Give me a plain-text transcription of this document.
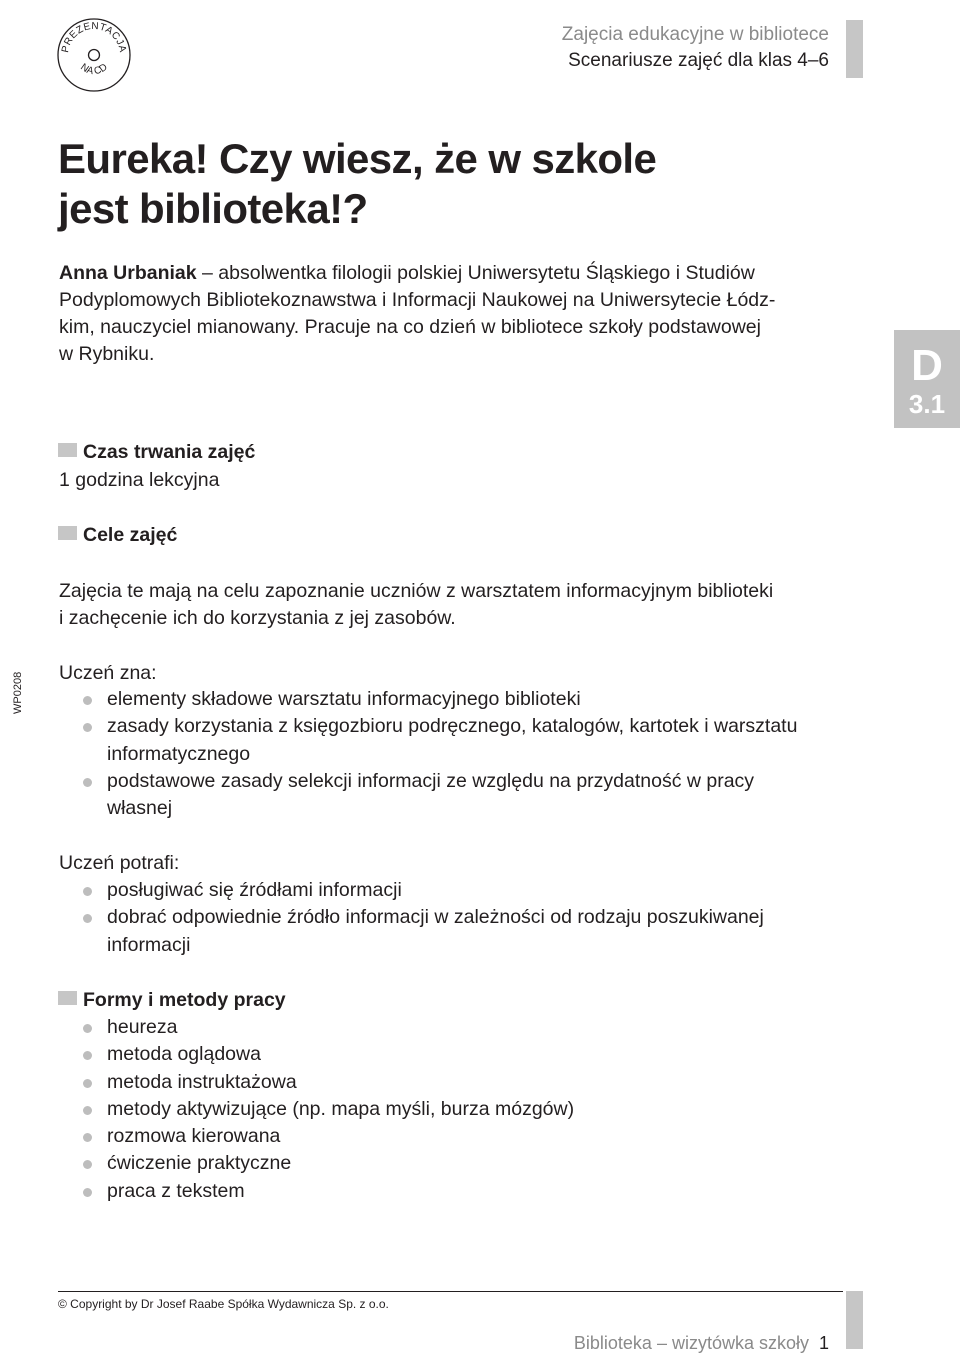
PREZENTACJA
NA CD
Zajęcia edukacyjne w bibliotece
Scenariusze zajęć dla klas 4–6
Eureka! Czy wiesz, że w szkole
jest biblioteka!?

Anna Urbaniak – absolwentka filologii polskiej Uniwersytetu Śląskiego i Studiów

Podyplomowych Bibliotekoznawstwa i Informacji Naukowej na Uniwersytecie Łódz-

kim, nauczyciel mianowany. Pracuje na co dzień w bibliotece szkoły podstawowej

w Rybniku.	D
3.1
WP0208
Czas trwania zajęć
1 godzina lekcyjna
Cele zajęć
Zajęcia te mają na celu zapoznanie uczniów z warsztatem informacyjnym biblioteki
i zachęcenie ich do korzystania z jej zasobów.
Uczeń zna:
elementy składowe warsztatu informacyjnego biblioteki
zasady korzystania z księgozbioru podręcznego, katalogów, kartotek i warsztatu
informatycznego
podstawowe zasady selekcji informacji ze względu na przydatność w pracy
własnej
Uczeń potrafi:
posługiwać się źródłami informacji
dobrać odpowiednie źródło informacji w zależności od rodzaju poszukiwanej
informacji
Formy i metody pracy
heureza
metoda oglądowa
metoda instruktażowa
metody aktywizujące (np. mapa myśli, burza mózgów)
rozmowa kierowana
ćwiczenie praktyczne
praca z tekstem
© Copyright by Dr Josef Raabe Spółka Wydawnicza Sp. z o.o.
Biblioteka – wizytówka szkoły 1
